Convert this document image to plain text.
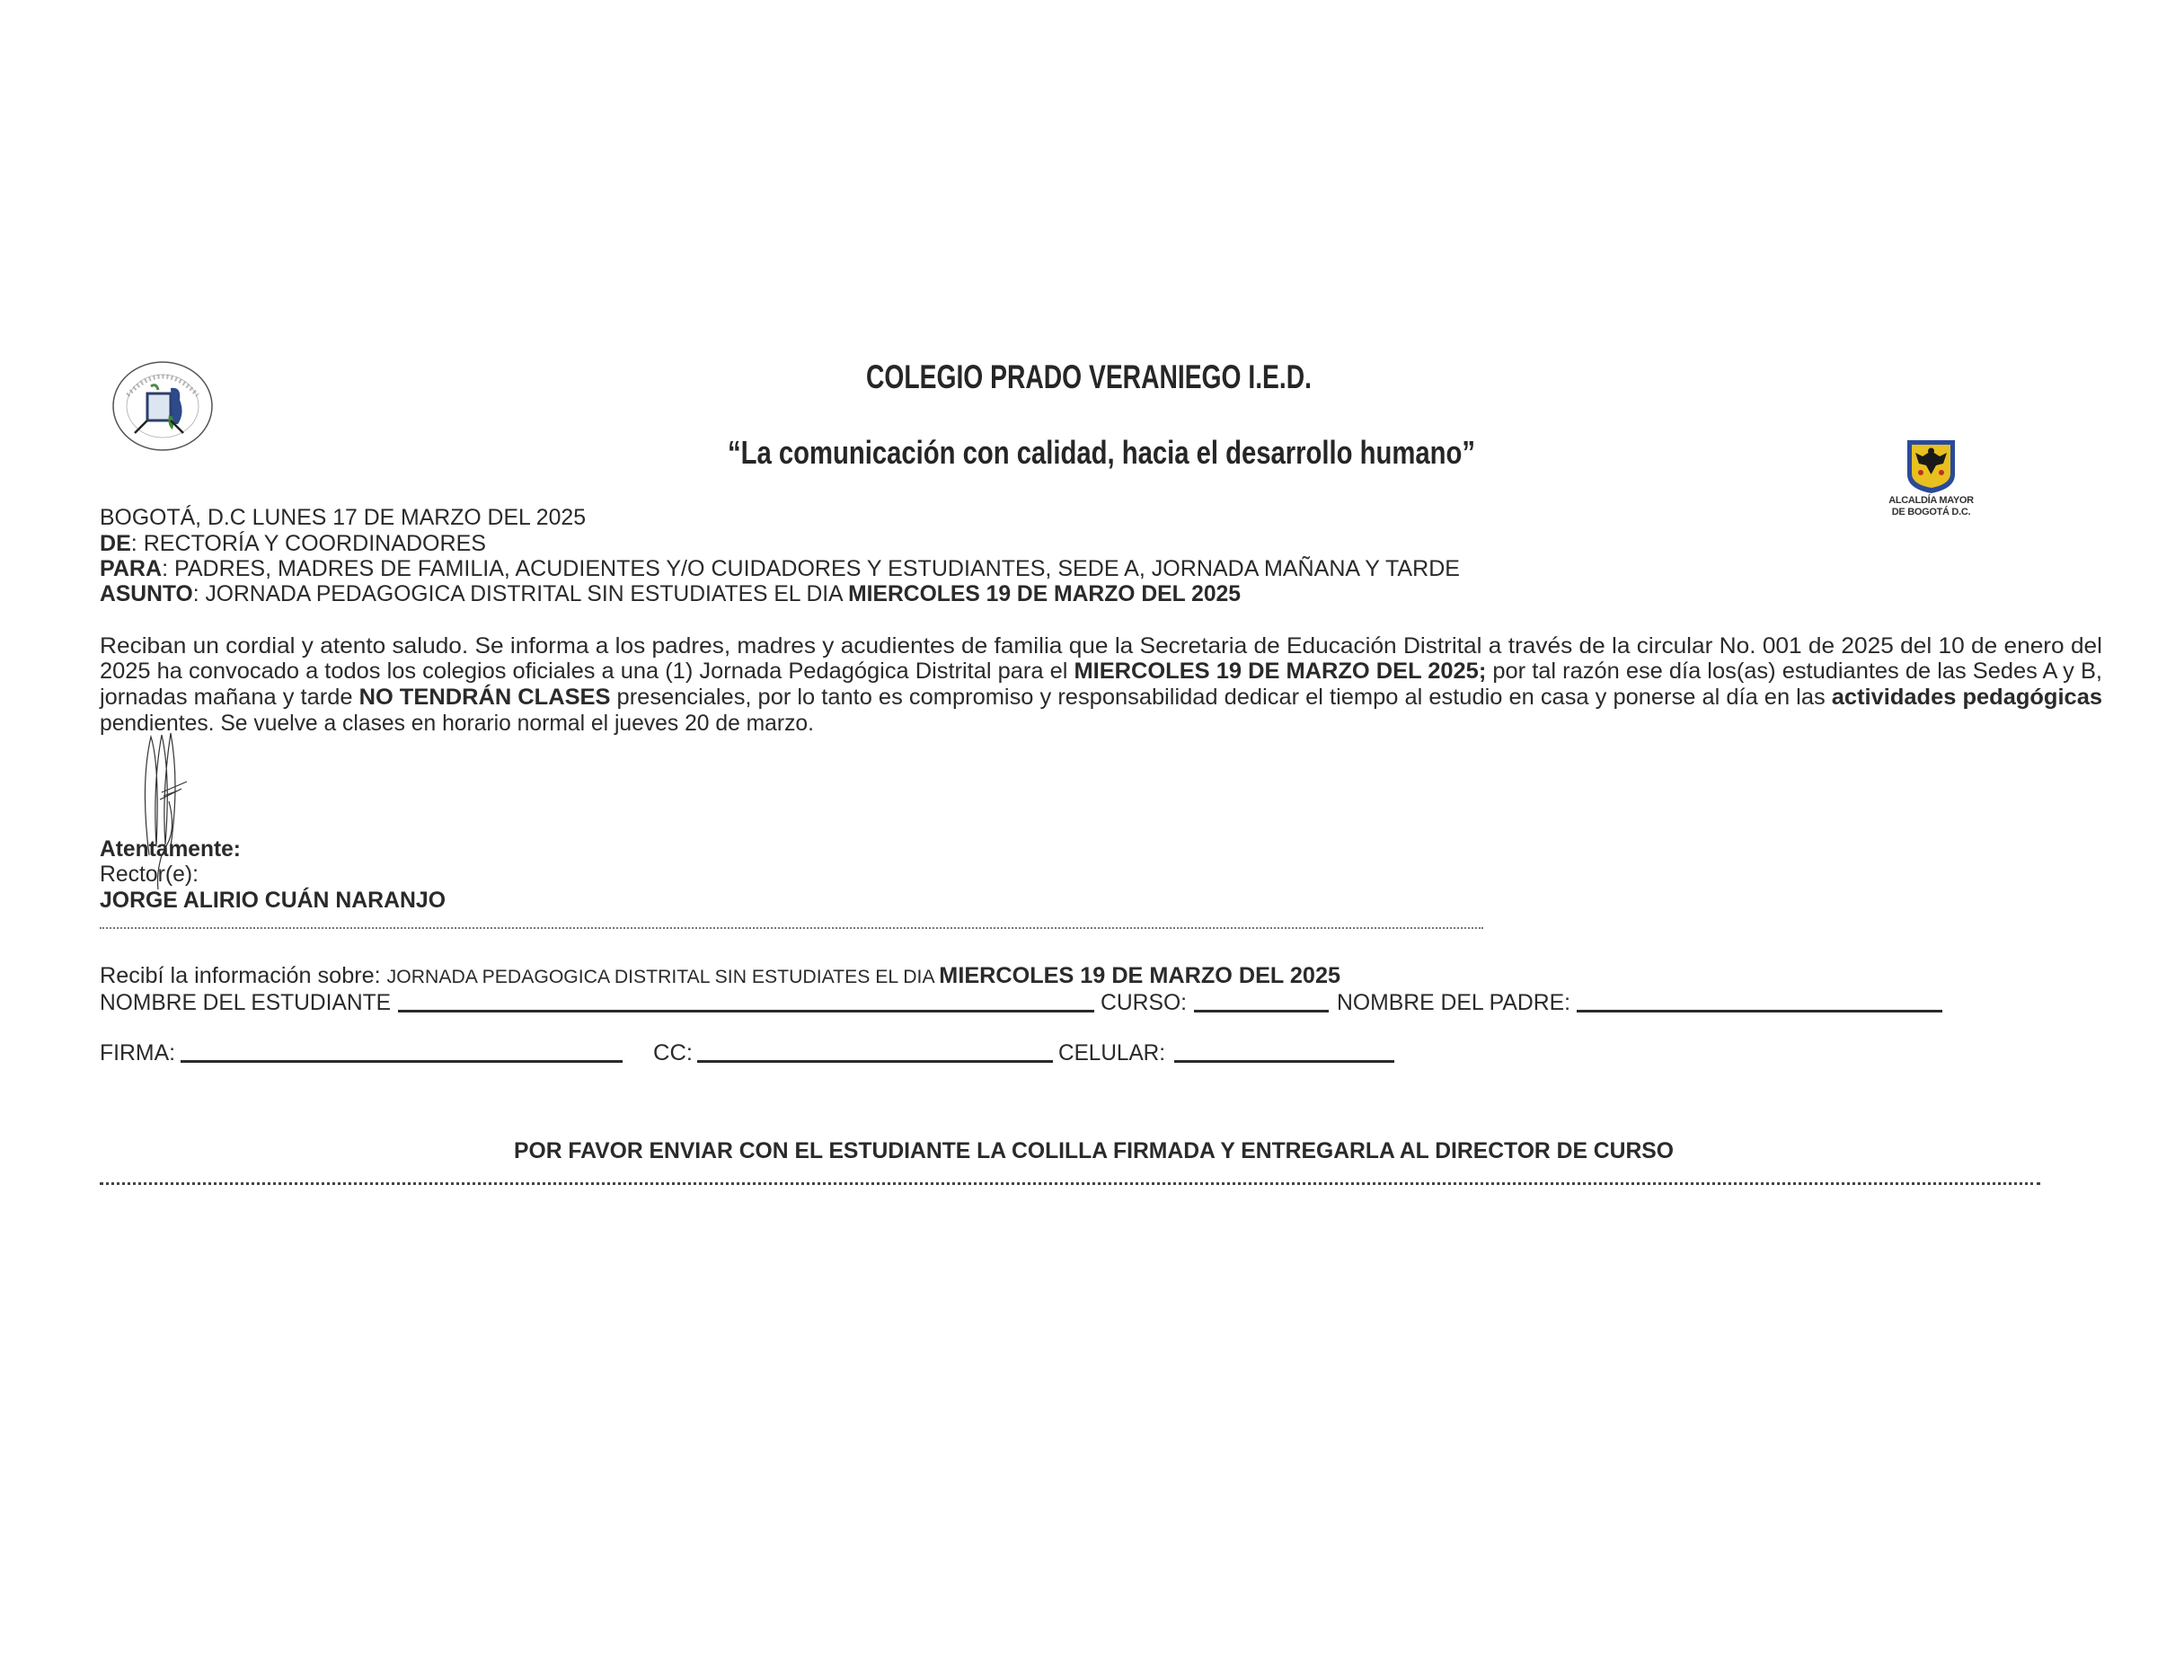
COLEGIO PRADO VERANIEGO I.E.D.
“La comunicación con calidad, hacia el desarrollo humano”
ALCALDÍA MAYOR
DE BOGOTÁ D.C.
BOGOTÁ, D.C LUNES 17 DE MARZO DEL 2025
DE: RECTORÍA Y COORDINADORES
PARA: PADRES, MADRES DE FAMILIA, ACUDIENTES Y/O CUIDADORES Y ESTUDIANTES, SEDE A, JORNADA MAÑANA Y TARDE
ASUNTO: JORNADA PEDAGOGICA DISTRITAL SIN ESTUDIATES EL DIA MIERCOLES 19 DE MARZO DEL 2025
Reciban un cordial y atento saludo. Se informa a los padres, madres y acudientes de familia que la Secretaria de Educación Distrital a través de la circular No. 001 de 2025 del 10 de enero del
2025 ha convocado a todos los colegios oficiales a una (1) Jornada Pedagógica Distrital para el MIERCOLES 19 DE MARZO DEL 2025; por tal razón ese día los(as) estudiantes de las Sedes A y B,
jornadas mañana y tarde NO TENDRÁN CLASES presenciales, por lo tanto es compromiso y responsabilidad dedicar el tiempo al estudio en casa y ponerse al día en las actividades pedagógicas
pendientes. Se vuelve a clases en horario normal el jueves 20 de marzo.
Atentamente:
Rector(e):
JORGE ALIRIO CUÁN NARANJO
Recibí la información sobre: JORNADA PEDAGOGICA DISTRITAL SIN ESTUDIATES EL DIA MIERCOLES 19 DE MARZO DEL 2025
NOMBRE DEL ESTUDIANTE	CURSO:	NOMBRE DEL PADRE:
FIRMA:	CC:	CELULAR:
POR FAVOR ENVIAR CON EL ESTUDIANTE LA COLILLA FIRMADA Y ENTREGARLA AL DIRECTOR DE CURSO
